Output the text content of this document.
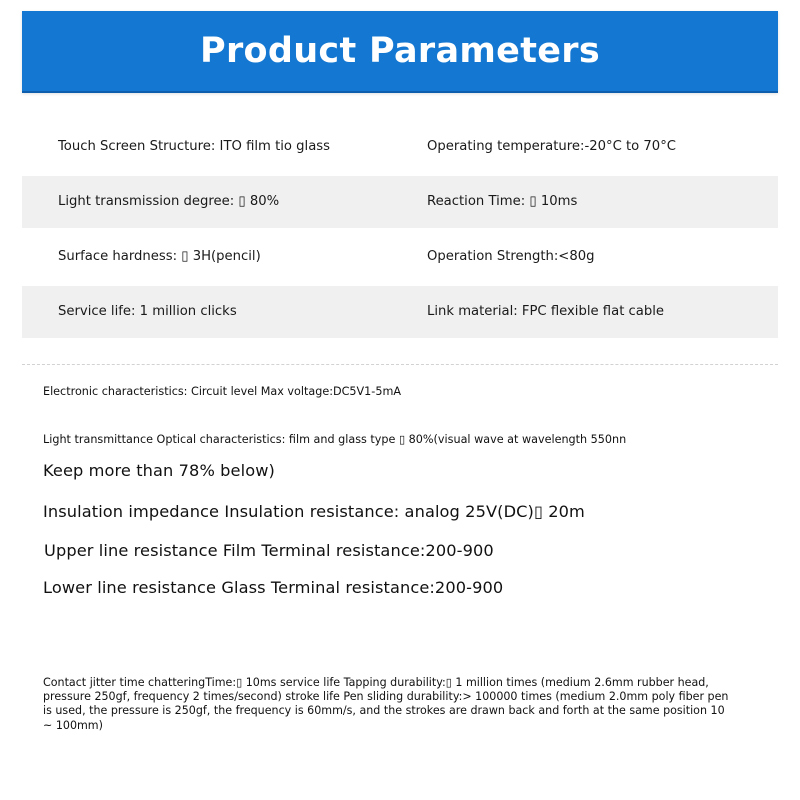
Product Parameters
Touch Screen Structure: ITO film tio glass	Operating temperature:-20°C to 70°C
Light transmission degree: ▯ 80%	Reaction Time: ▯ 10ms
Surface hardness: ▯ 3H(pencil)	Operation Strength:<80g
Service life: 1 million clicks	Link material: FPC flexible flat cable
Electronic characteristics: Circuit level Max voltage:DC5V1-5mA
Light transmittance Optical characteristics: film and glass type ▯ 80%(visual wave at wavelength 550nn
Keep more than 78% below)
Insulation impedance Insulation resistance: analog 25V(DC)▯ 20m
Upper line resistance Film Terminal resistance:200-900
Lower line resistance Glass Terminal resistance:200-900
Contact jitter time chatteringTime:▯ 10ms service life Tapping durability:▯ 1 million times (medium 2.6mm rubber head, pressure 250gf, frequency 2 times/second) stroke life Pen sliding durability:> 100000 times (medium 2.0mm poly fiber pen is used, the pressure is 250gf, the frequency is 60mm/s, and the strokes are drawn back and forth at the same position 10 ~ 100mm)
